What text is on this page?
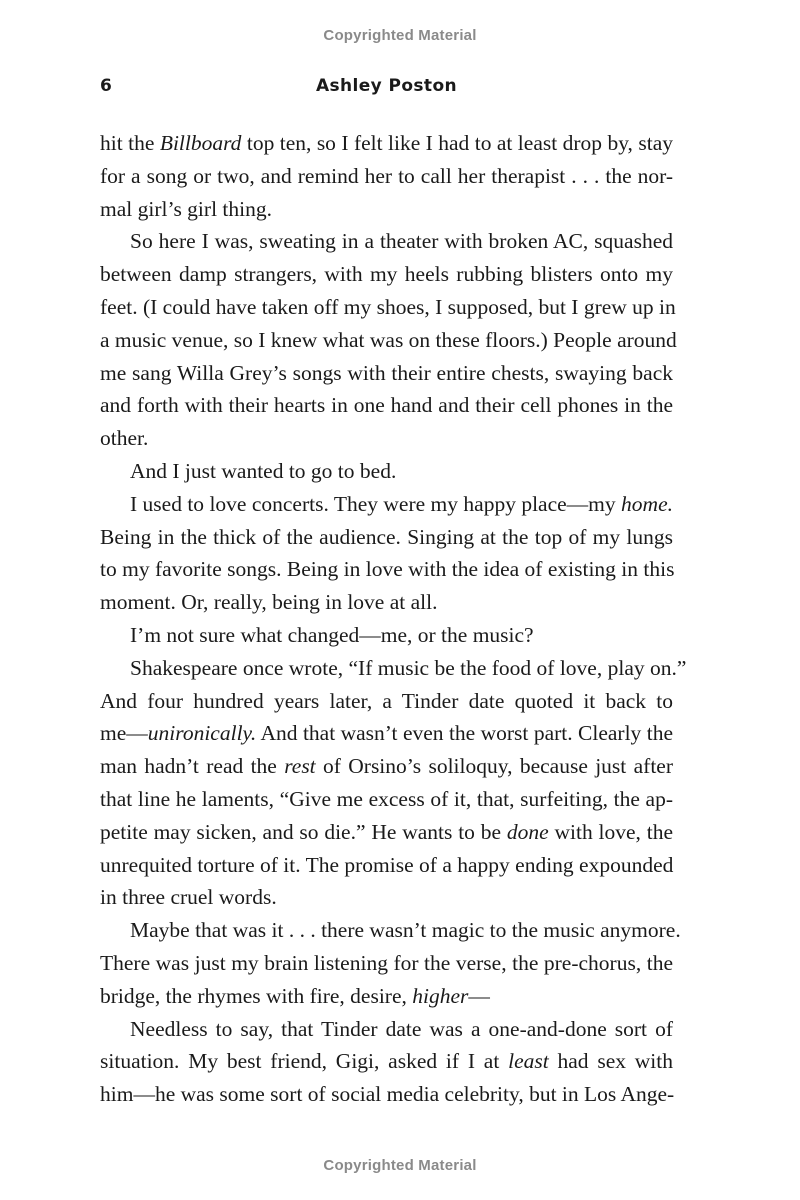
Copyrighted Material
6	Ashley Poston
hit the Billboard top ten, so I felt like I had to at least drop by, stay
for a song or two, and remind her to call her therapist . . . the nor-
mal girl’s girl thing.
So here I was, sweating in a theater with broken AC, squashed
between damp strangers, with my heels rubbing blisters onto my
feet. (I could have taken off my shoes, I supposed, but I grew up in
a music venue, so I knew what was on these floors.) People around
me sang Willa Grey’s songs with their entire chests, swaying back
and forth with their hearts in one hand and their cell phones in the
other.
And I just wanted to go to bed.
I used to love concerts. They were my happy place—my home.
Being in the thick of the audience. Singing at the top of my lungs
to my favorite songs. Being in love with the idea of existing in this
moment. Or, really, being in love at all.
I’m not sure what changed—me, or the music?
Shakespeare once wrote, “If music be the food of love, play on.”
And four hundred years later, a Tinder date quoted it back to
me—unironically. And that wasn’t even the worst part. Clearly the
man hadn’t read the rest of Orsino’s soliloquy, because just after
that line he laments, “Give me excess of it, that, surfeiting, the ap-
petite may sicken, and so die.” He wants to be done with love, the
unrequited torture of it. The promise of a happy ending expounded
in three cruel words.
Maybe that was it . . . there wasn’t magic to the music anymore.
There was just my brain listening for the verse, the pre-chorus, the
bridge, the rhymes with fire, desire, higher—
Needless to say, that Tinder date was a one-and-done sort of
situation. My best friend, Gigi, asked if I at least had sex with
him—he was some sort of social media celebrity, but in Los Ange-
Copyrighted Material
